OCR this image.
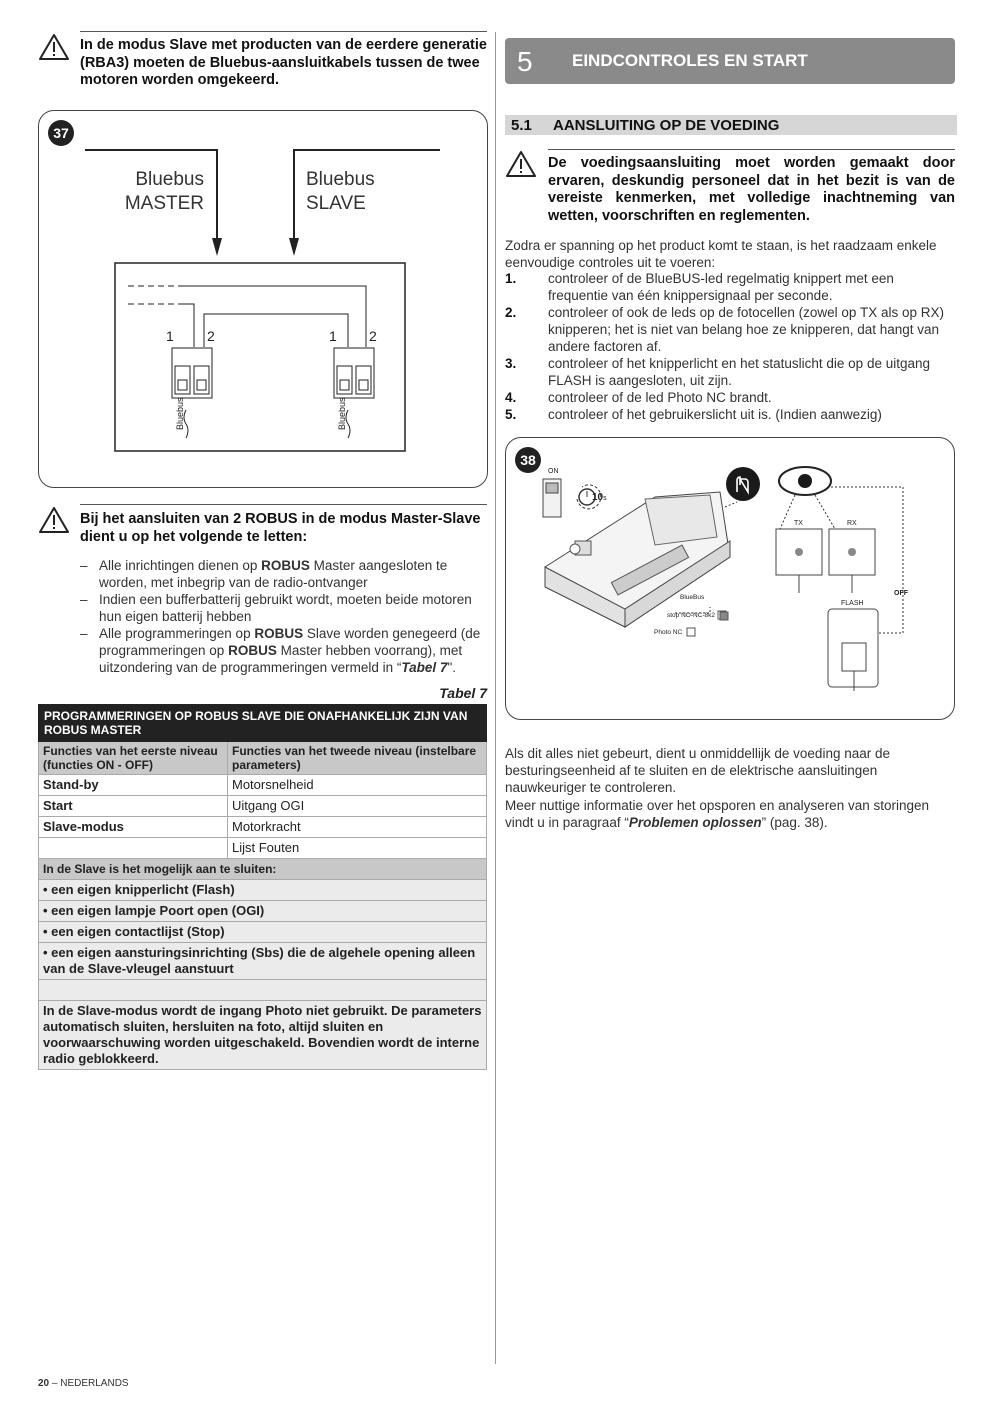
In de modus Slave met producten van de eerdere generatie (RBA3) moeten de Bluebus-aansluitkabels tussen de twee motoren worden omgekeerd.
37
Bluebus
MASTER
Bluebus
SLAVE
1 2	1 2
Bluebus	Bluebus
Bij het aansluiten van 2 ROBUS in de modus Master-Slave dient u op het volgende te letten:
– Alle inrichtingen dienen op ROBUS Master aangesloten te worden, met inbegrip van de radio-ontvanger
– Indien een bufferbatterij gebruikt wordt, moeten beide motoren hun eigen batterij hebben
– Alle programmeringen op ROBUS Slave worden genegeerd (de programmeringen op ROBUS Master hebben voorrang), met uitzondering van de programmeringen vermeld in “Tabel 7".
Tabel 7
PROGRAMMERINGEN OP ROBUS SLAVE DIE ONAFHANKELIJK ZIJN VAN ROBUS MASTER	
Functies van het eerste niveau (functies ON - OFF)	Functies van het tweede niveau (instelbare parameters)
Stand-by	Motorsnelheid
Start	Uitgang OGI
Slave-modus	Motorkracht
	Lijst Fouten
In de Slave is het mogelijk aan te sluiten:	
• een eigen knipperlicht (Flash)	
• een eigen lampje Poort open (OGI)	
• een eigen contactlijst (Stop)	
• een eigen aansturingsinrichting (Sbs) die de algehele opening alleen van de Slave-vleugel aanstuurt	

In de Slave-modus wordt de ingang Photo niet gebruikt. De parameters automatisch sluiten, hersluiten na foto, altijd sluiten en voorwaarschuwing worden uitgeschakeld. Bovendien wordt de interne radio geblokkeerd.	
5 EINDCONTROLES EN START
5.1 AANSLUITING OP DE VOEDING
De voedingsaansluiting moet worden gemaakt door ervaren, deskundig personeel dat in het bezit is van de vereiste kenmerken, met volledige inachtneming van wetten, voorschriften en reglementen.
Zodra er spanning op het product komt te staan, is het raadzaam enkele eenvoudige controles uit te voeren:
1. controleer of de BlueBUS-led regelmatig knippert met een frequentie van één knippersignaal per seconde.
2. controleer of ook de leds op de fotocellen (zowel op TX als op RX) knipperen; het is niet van belang hoe ze knipperen, dat hangt van andere factoren af.
3. controleer of het knipperlicht en het statuslicht die op de uitgang FLASH is aangesloten, uit zijn.
4. controleer of de led Photo NC brandt.
5. controleer of het gebruikerslicht uit is. (Indien aanwezig)
38
ON
10s
TX	RX
FLASH
OFF
BlueBus
stop NO-NC-8k2
Photo NC
Als dit alles niet gebeurt, dient u onmiddellijk de voeding naar de besturingseenheid af te sluiten en de elektrische aansluitingen nauwkeuriger te controleren.
Meer nuttige informatie over het opsporen en analyseren van storingen vindt u in paragraaf “Problemen oplossen” (pag. 38).
20 – NEDERLANDS
